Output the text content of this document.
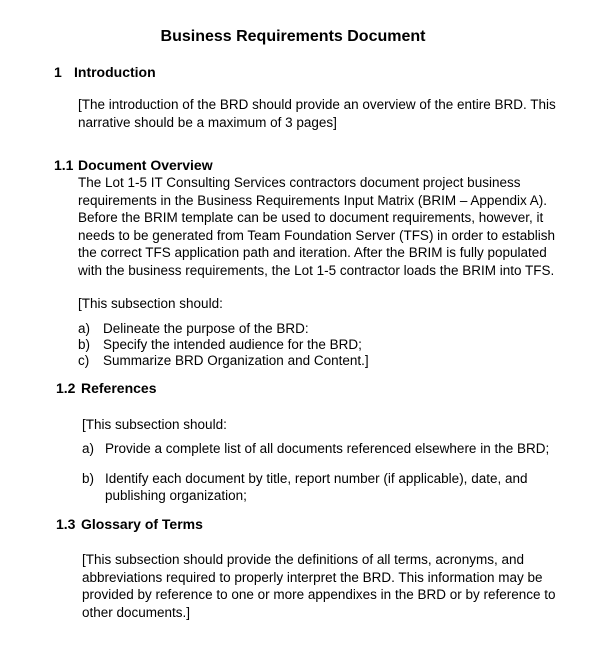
Business Requirements Document
1 Introduction
[The introduction of the BRD should provide an overview of the entire BRD. This
narrative should be a maximum of 3 pages]
1.1 Document Overview
The Lot 1-5 IT Consulting Services contractors document project business
requirements in the Business Requirements Input Matrix (BRIM – Appendix A).
Before the BRIM template can be used to document requirements, however, it
needs to be generated from Team Foundation Server (TFS) in order to establish
the correct TFS application path and iteration. After the BRIM is fully populated
with the business requirements, the Lot 1-5 contractor loads the BRIM into TFS.
[This subsection should:
a) Delineate the purpose of the BRD:
b) Specify the intended audience for the BRD;
c) Summarize BRD Organization and Content.]
1.2 References
[This subsection should:
a) Provide a complete list of all documents referenced elsewhere in the BRD;
b) Identify each document by title, report number (if applicable), date, and
publishing organization;
1.3 Glossary of Terms
[This subsection should provide the definitions of all terms, acronyms, and
abbreviations required to properly interpret the BRD. This information may be
provided by reference to one or more appendixes in the BRD or by reference to
other documents.]
